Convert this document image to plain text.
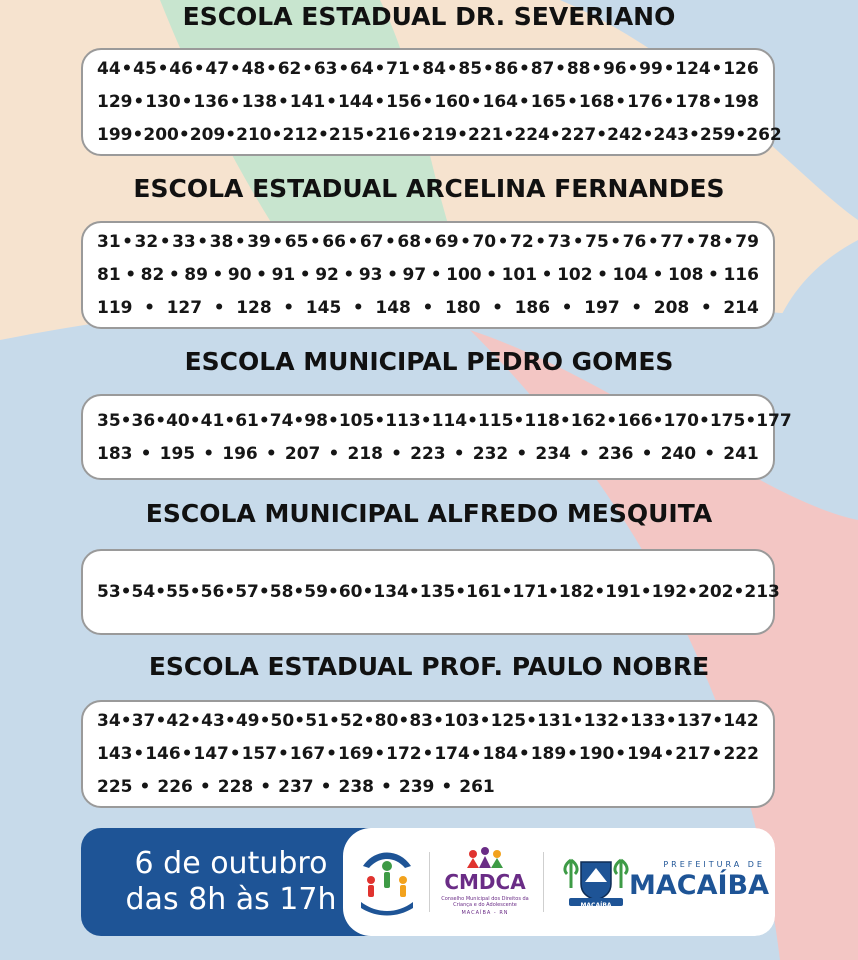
ESCOLA ESTADUAL DR. SEVERIANO
44 • 45 • 46 • 47 • 48 • 62 • 63 • 64 • 71 • 84 • 85 • 86 • 87 • 88 • 96 • 99 • 124 • 126
129 • 130 • 136 • 138 • 141 • 144 • 156 • 160 • 164 • 165 • 168 • 176 • 178 • 198
199 • 200 • 209 • 210 • 212 • 215 • 216 • 219 • 221 • 224 • 227 • 242 • 243 • 259 • 262
ESCOLA ESTADUAL ARCELINA FERNANDES
31 • 32 • 33 • 38 • 39 • 65 • 66 • 67 • 68 • 69 • 70 • 72 • 73 • 75 • 76 • 77 • 78 • 79
81 • 82 • 89 • 90 • 91 • 92 • 93 • 97 • 100 • 101 • 102 • 104 • 108 • 116
119 • 127 • 128 • 145 • 148 • 180 • 186 • 197 • 208 • 214
ESCOLA MUNICIPAL PEDRO GOMES
35 • 36 • 40 • 41 • 61 • 74 • 98 • 105 • 113 • 114 • 115 • 118 • 162 • 166 • 170 • 175 • 177
183 • 195 • 196 • 207 • 218 • 223 • 232 • 234 • 236 • 240 • 241
ESCOLA MUNICIPAL ALFREDO MESQUITA
53 • 54 • 55 • 56 • 57 • 58 • 59 • 60 • 134 • 135 • 161 • 171 • 182 • 191 • 192 • 202 • 213
ESCOLA ESTADUAL PROF. PAULO NOBRE
34 • 37 • 42 • 43 • 49 • 50 • 51 • 52 • 80 • 83 • 103 • 125 • 131 • 132 • 133 • 137 • 142
143 • 146 • 147 • 157 • 167 • 169 • 172 • 174 • 184 • 189 • 190 • 194 • 217 • 222
225 • 226 • 228 • 237 • 238 • 239 • 261
6 de outubro
das 8h às 17h	CMDCA
Conselho Municipal dos Direitos da Criança e do Adolescente
MACAÍBA - RN
MACAÍBA
PREFEITURA DE
MACAÍBA
